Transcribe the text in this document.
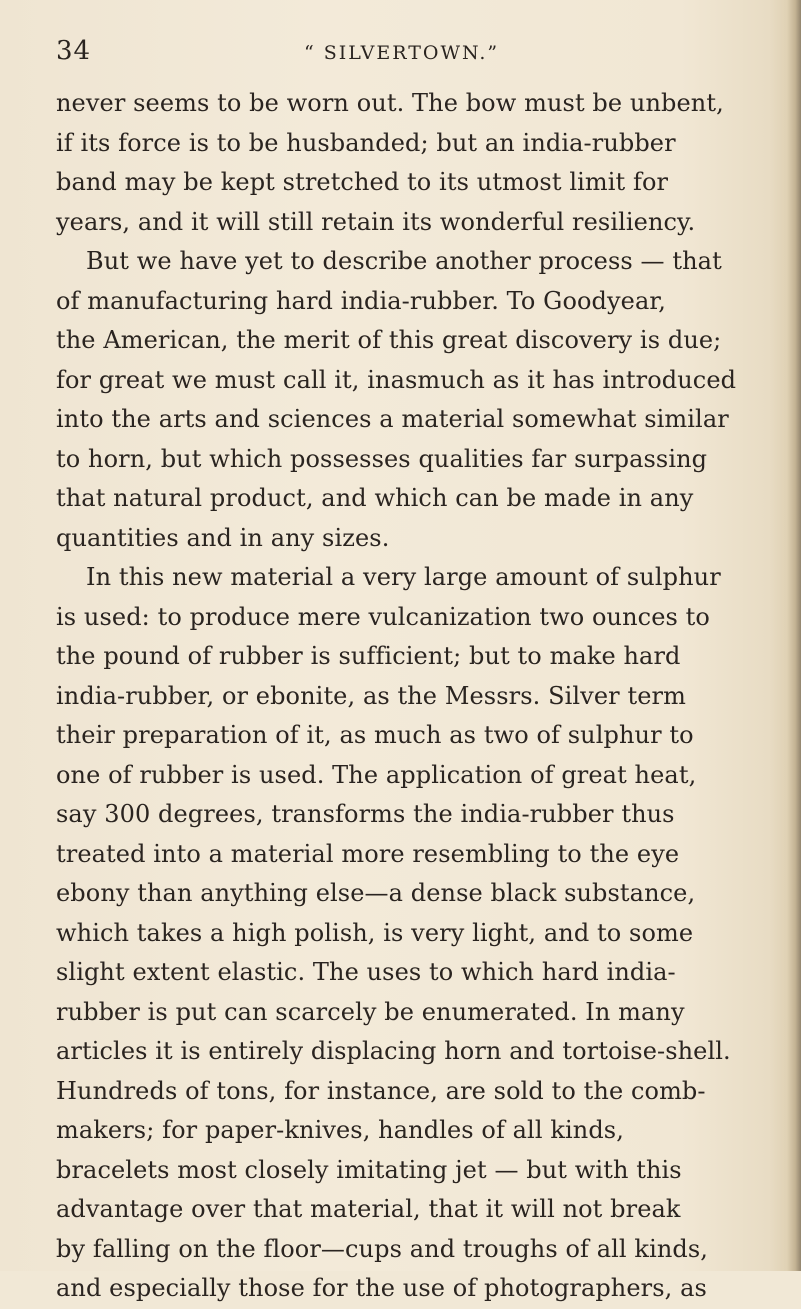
34	“ SILVERTOWN.”
never seems to be worn out. The bow must be unbent,
if its force is to be husbanded; but an india-rubber
band may be kept stretched to its utmost limit for
years, and it will still retain its wonderful resiliency.
But we have yet to describe another process — that
of manufacturing hard india-rubber. To Goodyear,
the American, the merit of this great discovery is due;
for great we must call it, inasmuch as it has introduced
into the arts and sciences a material somewhat similar
to horn, but which possesses qualities far surpassing
that natural product, and which can be made in any
quantities and in any sizes.
In this new material a very large amount of sulphur
is used: to produce mere vulcanization two ounces to
the pound of rubber is sufficient; but to make hard
india-rubber, or ebonite, as the Messrs. Silver term
their preparation of it, as much as two of sulphur to
one of rubber is used. The application of great heat,
say 300 degrees, transforms the india-rubber thus
treated into a material more resembling to the eye
ebony than anything else—a dense black substance,
which takes a high polish, is very light, and to some
slight extent elastic. The uses to which hard india-
rubber is put can scarcely be enumerated. In many
articles it is entirely displacing horn and tortoise-shell.
Hundreds of tons, for instance, are sold to the comb-
makers; for paper-knives, handles of all kinds,
bracelets most closely imitating jet — but with this
advantage over that material, that it will not break
by falling on the floor—cups and troughs of all kinds,
and especially those for the use of photographers, as
